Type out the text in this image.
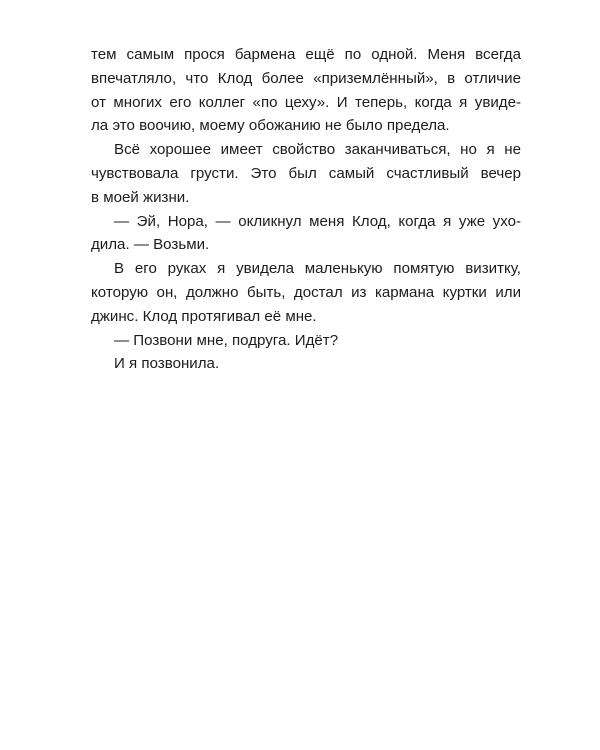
тем самым прося бармена ещё по одной. Меня всегда
впечатляло, что Клод более «приземлённый», в отличие
от многих его коллег «по цеху». И теперь, когда я увиде-
ла это воочию, моему обожанию не было предела.
Всё хорошее имеет свойство заканчиваться, но я не
чувствовала грусти. Это был самый счастливый вечер
в моей жизни.
— Эй, Нора, — окликнул меня Клод, когда я уже ухо-
дила. — Возьми.
В его руках я увидела маленькую помятую визитку,
которую он, должно быть, достал из кармана куртки или
джинс. Клод протягивал её мне.
— Позвони мне, подруга. Идёт?
И я позвонила.
